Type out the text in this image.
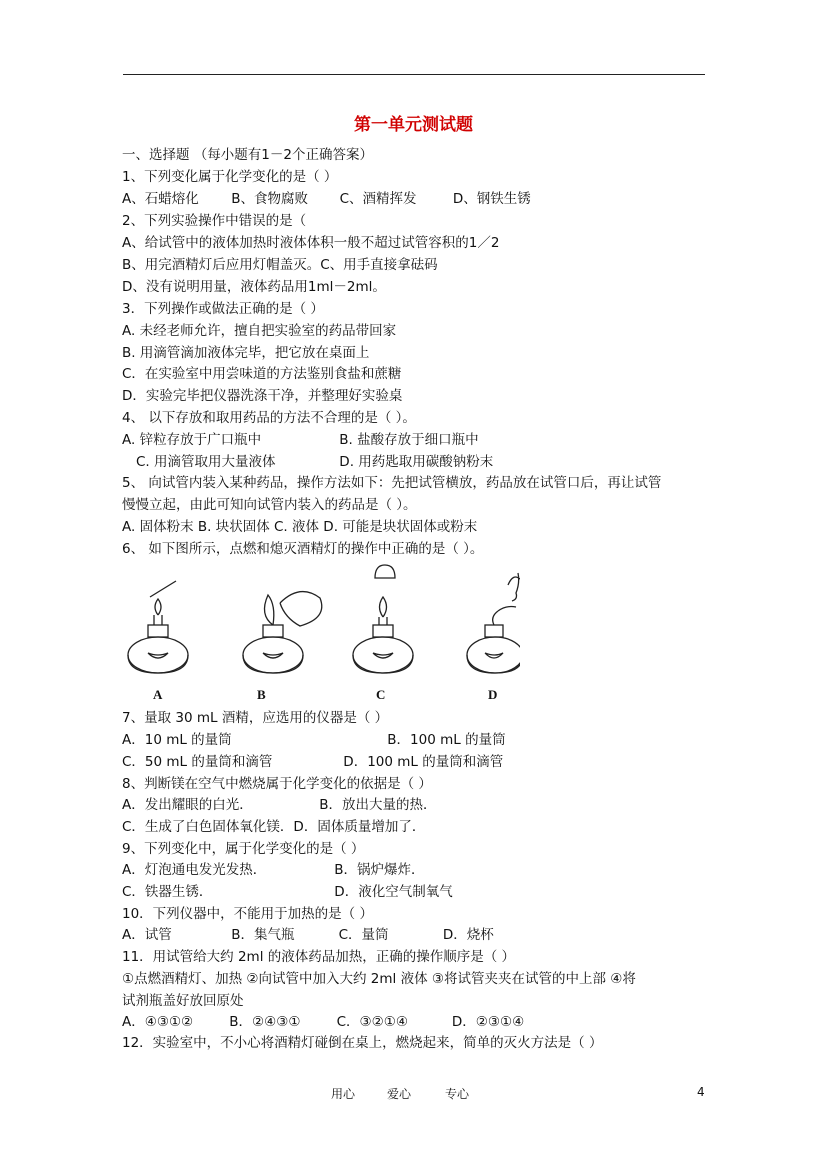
第一单元测试题
一、选择题 （每小题有1－2个正确答案）
1、下列变化属于化学变化的是（ ）
A、石蜡熔化 B、食物腐败 C、酒精挥发	D、钢铁生锈
2、下列实验操作中错误的是（
A、给试管中的液体加热时液体体积一般不超过试管容积的1／2
B、用完酒精灯后应用灯帽盖灭。C、用手直接拿砝码
D、没有说明用量，液体药品用1ml－2ml。
3．下列操作或做法正确的是（ ）
A. 未经老师允许，擅自把实验室的药品带回家
B. 用滴管滴加液体完毕，把它放在桌面上
C．在实验室中用尝味道的方法鉴别食盐和蔗糖
D．实验完毕把仪器洗涤干净，并整理好实验桌
4、 以下存放和取用药品的方法不合理的是（ ）。
A. 锌粒存放于广口瓶中	B. 盐酸存放于细口瓶中
C. 用滴管取用大量液体	D. 用药匙取用碳酸钠粉末
5、 向试管内装入某种药品，操作方法如下：先把试管横放，药品放在试管口后，再让试管
慢慢立起，由此可知向试管内装入的药品是（ ）。
A. 固体粉末 B. 块状固体 C. 液体 D. 可能是块状固体或粉末
6、 如下图所示，点燃和熄灭酒精灯的操作中正确的是（ ）。
A	B	C	D
7、量取 30 mL 酒精，应选用的仪器是（ ）
A．10 mL 的量筒	B．100 mL 的量筒
C．50 mL 的量筒和滴管	D．100 mL 的量筒和滴管
8、判断镁在空气中燃烧属于化学变化的依据是（ ）
A．发出耀眼的白光．	B．放出大量的热．
C．生成了白色固体氧化镁．D．固体质量增加了．
9、下列变化中，属于化学变化的是（ ）
A．灯泡通电发光发热．	B．锅炉爆炸．
C．铁器生锈．	D．液化空气制氧气
10．下列仪器中，不能用于加热的是（ ）
A．试管	B．集气瓶	C．量筒	D．烧杯
11．用试管给大约 2ml 的液体药品加热，正确的操作顺序是（ ）
①点燃酒精灯、加热 ②向试管中加入大约 2ml 液体 ③将试管夹夹在试管的中上部 ④将
试剂瓶盖好放回原处
A．④③①②	B．②④③①	C．③②①④	D．②③①④
12．实验室中，不小心将酒精灯碰倒在桌上，燃烧起来，简单的灭火方法是（ ）
用心	爱心	专心	4
